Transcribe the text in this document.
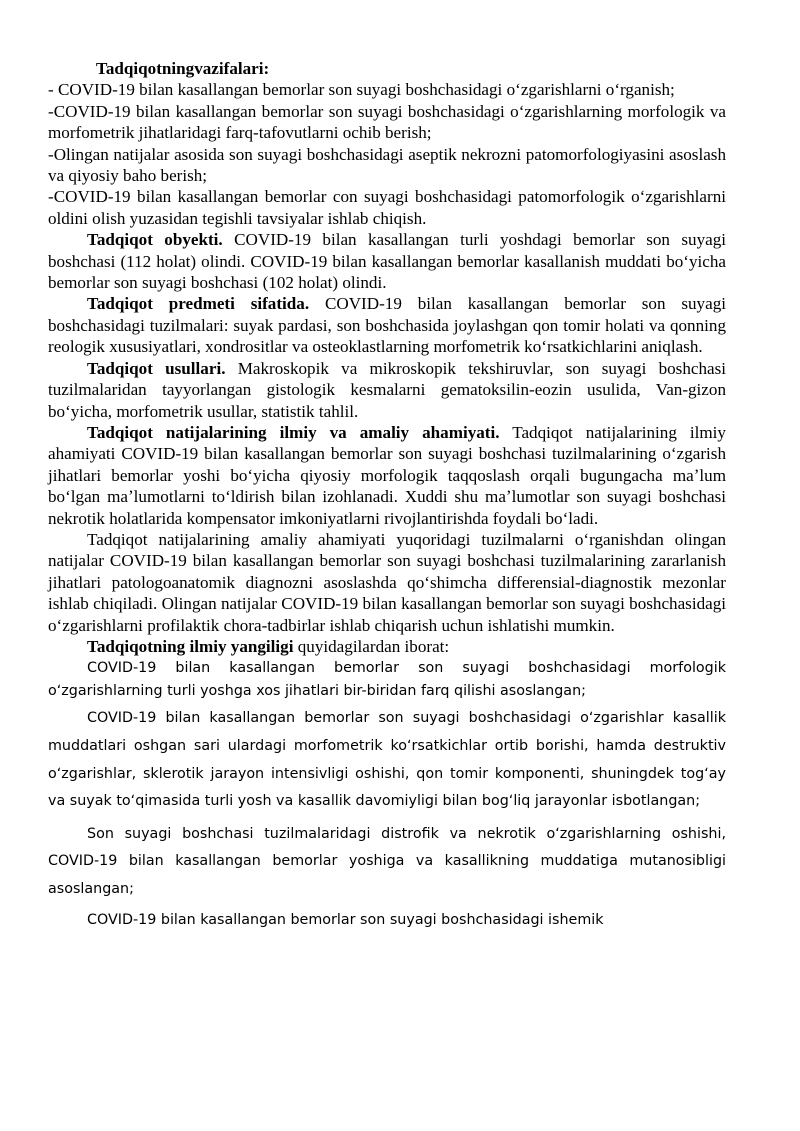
Tadqiqotningvazifalari:

- COVID-19 bilan kasallangan bemorlar son suyagi boshchasidagi oʻzgarishlarni oʻrganish;

-COVID-19 bilan kasallangan bemorlar son suyagi boshchasidagi oʻzgarishlarning morfologik va morfometrik jihatlaridagi farq-tafovutlarni ochib berish;

-Olingan natijalar asosida son suyagi boshchasidagi aseptik nekrozni patomorfologiyasini asoslash va qiyosiy baho berish;

-COVID-19 bilan kasallangan bemorlar con suyagi boshchasidagi patomorfologik oʻzgarishlarni oldini olish yuzasidan tegishli tavsiyalar ishlab chiqish.

Tadqiqot obyekti. COVID-19 bilan kasallangan turli yoshdagi bemorlar son suyagi boshchasi (112 holat) olindi. COVID-19 bilan kasallangan bemorlar kasallanish muddati boʻyicha bemorlar son suyagi boshchasi (102 holat) olindi.

Tadqiqot predmeti sifatida. COVID-19 bilan kasallangan bemorlar son suyagi boshchasidagi tuzilmalari: suyak pardasi, son boshchasida joylashgan qon tomir holati va qonning reologik xususiyatlari, xondrositlar va osteoklastlarning morfometrik koʻrsatkichlarini aniqlash.

Tadqiqot usullari. Makroskopik va mikroskopik tekshiruvlar, son suyagi boshchasi tuzilmalaridan tayyorlangan gistologik kesmalarni gematoksilin-eozin usulida, Van-gizon boʻyicha, morfometrik usullar, statistik tahlil.

Tadqiqot natijalarining ilmiy va amaliy ahamiyati. Tadqiqot natijalarining ilmiy ahamiyati COVID-19 bilan kasallangan bemorlar son suyagi boshchasi tuzilmalarining oʻzgarish jihatlari bemorlar yoshi boʻyicha qiyosiy morfologik taqqoslash orqali bugungacha maʼlum boʻlgan maʼlumotlarni toʻldirish bilan izohlanadi. Xuddi shu maʼlumotlar son suyagi boshchasi nekrotik holatlarida kompensator imkoniyatlarni rivojlantirishda foydali boʻladi.

Tadqiqot natijalarining amaliy ahamiyati yuqoridagi tuzilmalarni oʻrganishdan olingan natijalar COVID-19 bilan kasallangan bemorlar son suyagi boshchasi tuzilmalarining zararlanish jihatlari patologoanatomik diagnozni asoslashda qoʻshimcha differensial-diagnostik mezonlar ishlab chiqiladi. Olingan natijalar COVID-19 bilan kasallangan bemorlar son suyagi boshchasidagi oʻzgarishlarni profilaktik chora-tadbirlar ishlab chiqarish uchun ishlatishi mumkin.

Tadqiqotning ilmiy yangiligi quyidagilardan iborat:

COVID-19 bilan kasallangan bemorlar son suyagi boshchasidagi morfologik oʻzgarishlarning turli yoshga xos jihatlari bir-biridan farq qilishi asoslangan;

COVID-19 bilan kasallangan bemorlar son suyagi boshchasidagi oʻzgarishlar kasallik muddatlari oshgan sari ulardagi morfometrik koʻrsatkichlar ortib borishi, hamda destruktiv oʻzgarishlar, sklerotik jarayon intensivligi oshishi, qon tomir komponenti, shuningdek togʻay va suyak toʻqimasida turli yosh va kasallik davomiyligi bilan bogʻliq jarayonlar isbotlangan;

Son suyagi boshchasi tuzilmalaridagi distrofik va nekrotik oʻzgarishlarning oshishi, COVID-19 bilan kasallangan bemorlar yoshiga va kasallikning muddatiga mutanosibligi asoslangan;

COVID-19 bilan kasallangan bemorlar son suyagi boshchasidagi ishemik
